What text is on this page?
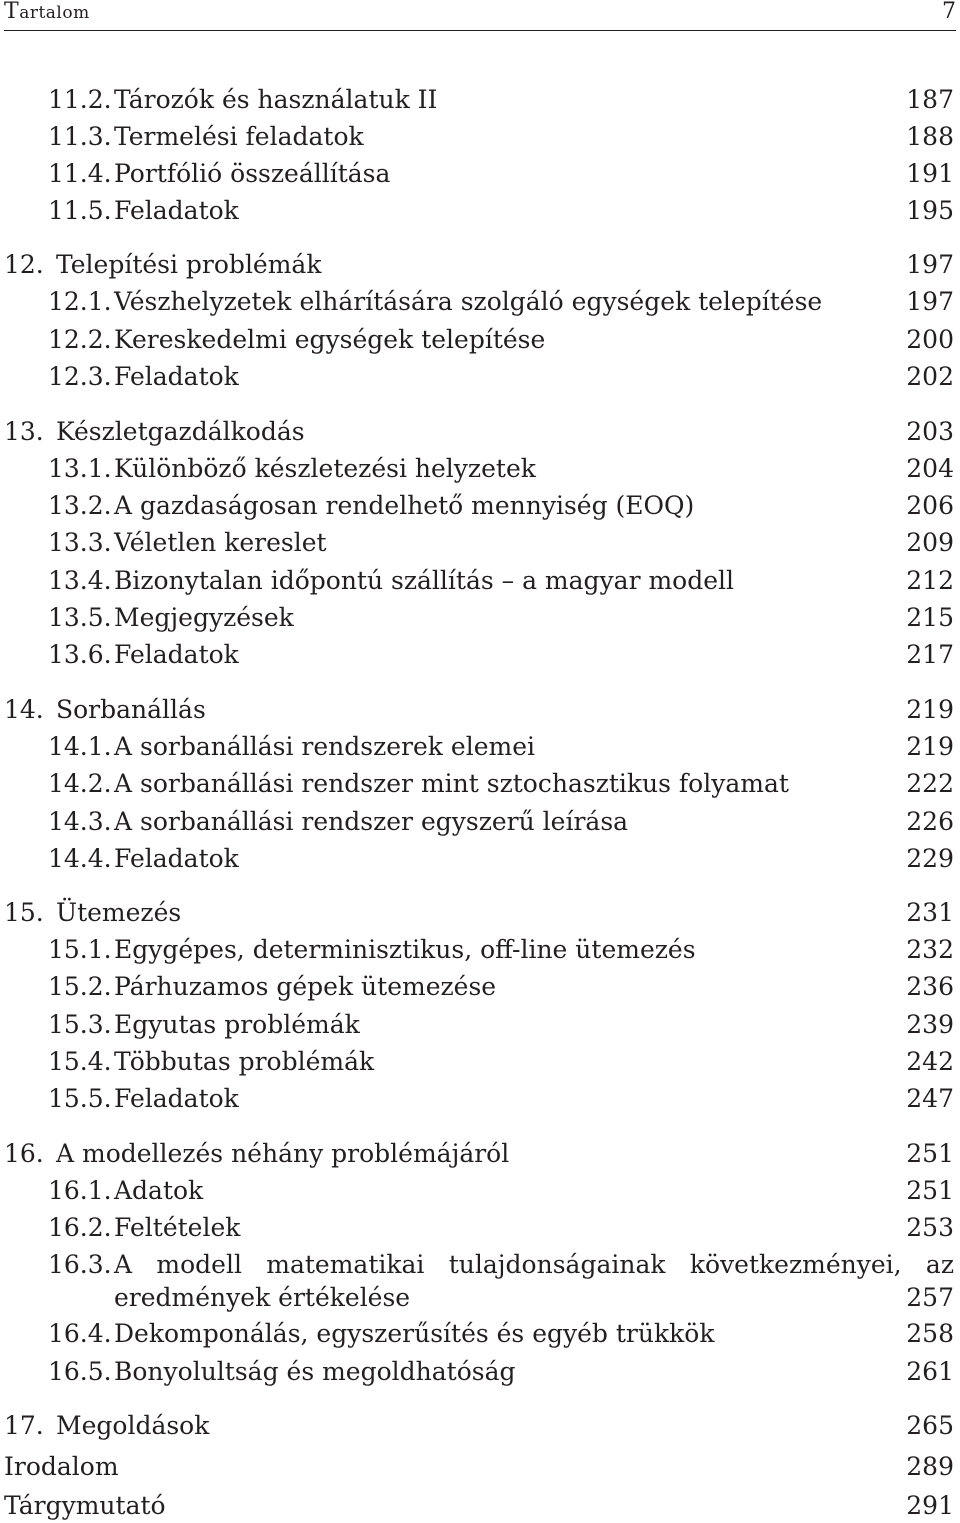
Tartalom	7
11.2. Tározók és használatuk II	187
11.3. Termelési feladatok	188
11.4. Portfólió összeállítása	191
11.5. Feladatok	195
12. Telepítési problémák	197
12.1. Vészhelyzetek elhárítására szolgáló egységek telepítése	197
12.2. Kereskedelmi egységek telepítése	200
12.3. Feladatok	202
13. Készletgazdálkodás	203
13.1. Különböző készletezési helyzetek	204
13.2. A gazdaságosan rendelhető mennyiség (EOQ)	206
13.3. Véletlen kereslet	209
13.4. Bizonytalan időpontú szállítás – a magyar modell	212
13.5. Megjegyzések	215
13.6. Feladatok	217
14. Sorbanállás	219
14.1. A sorbanállási rendszerek elemei	219
14.2. A sorbanállási rendszer mint sztochasztikus folyamat	222
14.3. A sorbanállási rendszer egyszerű leírása	226
14.4. Feladatok	229
15. Ütemezés	231
15.1. Egygépes, determinisztikus, off-line ütemezés	232
15.2. Párhuzamos gépek ütemezése	236
15.3. Egyutas problémák	239
15.4. Többutas problémák	242
15.5. Feladatok	247
16. A modellezés néhány problémájáról	251
16.1. Adatok	251
16.2. Feltételek	253
16.3. A modell matematikai tulajdonságainak következményei, az
eredmények értékelése	257
16.4. Dekomponálás, egyszerűsítés és egyéb trükkök	258
16.5. Bonyolultság és megoldhatóság	261
17. Megoldások	265
Irodalom	289
Tárgymutató	291
